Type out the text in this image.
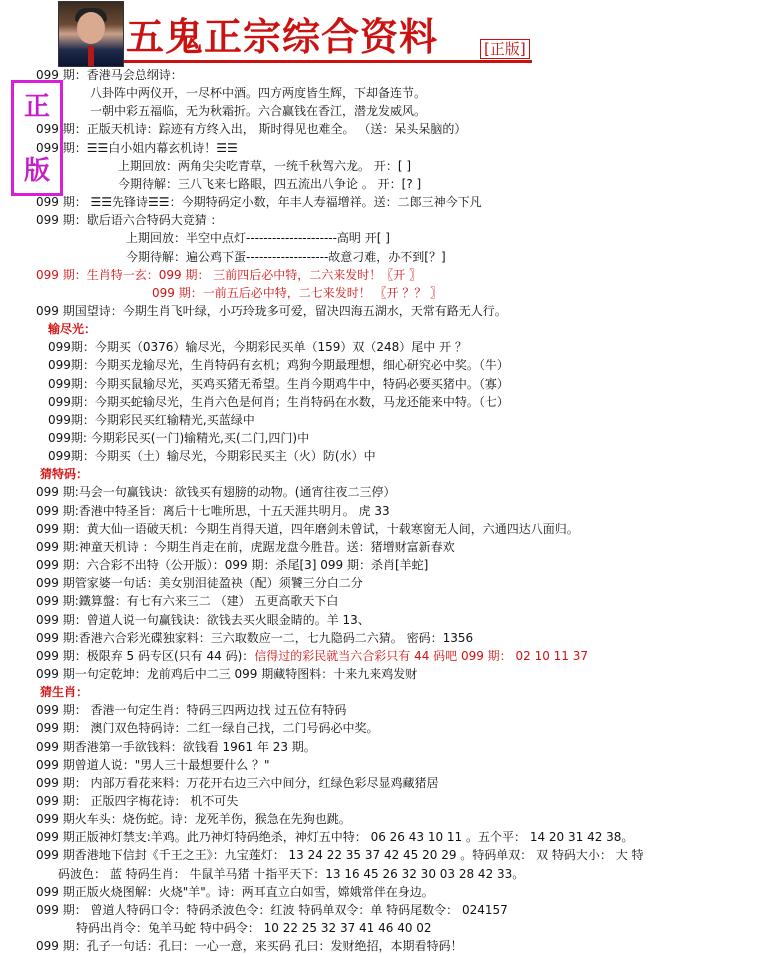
五鬼正宗综合资料	[正版]
正
版
099 期：香港马会总纲诗：
八卦阵中两仪开，一尽杯中酒。四方两度皆生辉，下却备连节。
一朝中彩五福临，无为秋霜折。六合赢钱在香江，潜龙发威风。
099 期：正版天机诗：踪迹有方终入出， 斯时得见也难全。 （送：呆头呆脑的）
099 期：☰☰白小姐内幕玄机诗！☰☰
上期回放：两角尖尖吃青草，一统千秋驾六龙。 开：[ ]
今期待解：三八飞来七路眼，四五流出八争论 。 开：[? ]
099 期： ☰☰先锋诗☰☰：今期特码定小数，年丰人寿福增祥。送：二郎三神今下凡
099 期：歇后语六合特码大竞猜 ：
上期回放：半空中点灯---------------------高明 开[ ]
今期待解：遍公鸡下蛋-------------------故意刁难，办不到[？]
099 期：生肖特一玄：099 期： 三前四后必中特，二六来发时！〖开 〗
099 期：一前五后必中特，二七来发时！ 〖开 ？？ 〗
099 期国望诗：今期生肖飞叶绿，小巧玲珑多可爱，留决四海五湖水，天常有路无人行。
输尽光：
099期：今期买（0376）输尽光，今期彩民买单（159）双（248）尾中 开 ？
099期：今期买龙输尽光，生肖特码有玄机；鸡狗今期最理想，细心研究必中奖。（牛）
099期：今期买鼠输尽光，买鸡买猪无希望。生肖今期鸡牛中，特码必要买猪中。（寡）
099期：今期买蛇输尽光，生肖六色是何肖；生肖特码在水数，马龙还能来中特。（七）
099期：今期彩民买红输精光,买蓝绿中
099期: 今期彩民买(一门)输精光,买(二门,四门)中
099期：今期买（土）输尽光，今期彩民买主（火）防(水）中
猜特码：
099 期:马会一句赢钱诀：欲钱买有翅膀的动物。(通宵往夜二三停）
099 期:香港中特圣旨：离后十七唯所思，十五天涯共明月。 虎 33
099 期：黄大仙一语破天机：今期生肖得天道，四年磨剑未曾试，十载寒窗无人间，六通四达八面归。
099 期:神童天机诗 ：今期生肖走在前，虎踞龙盘今胜昔。送：猪增财富新春欢
099 期：六合彩不出特（公开版）：099 期：杀尾[3] 099 期：杀肖[羊蛇]
099 期管家婆一句话：美女别泪徒盈袂（配）须饕三分白二分
099 期:鐵算盤：有七有六来三二 （建） 五更高歌天下白
099 期：曾道人说一句赢钱诀：欲钱去买火眼金睛的。羊 13、
099 期:香港六合彩光碟独家料：三六取数应一二，七九隐码二六猜。 密码：1356
099 期：极限弃 5 码专区(只有 44 码)：信得过的彩民就当六合彩只有 44 码吧 099 期： 02 10 11 37
099 期一句定乾坤：龙前鸡后中二三 099 期藏特图料：十来九来鸡发财
猜生肖：
099 期： 香港一句定生肖：特码三四两边找 过五位有特码
099 期： 澳门双色特码诗：二红一绿自己找，二门号码必中奖。
099 期香港第一手欲钱料：欲钱看 1961 年 23 期。
099 期曾道人说："男人三十最想要什么 ？"
099 期： 内部万看花来料：万花开右边三六中间分，红绿色彩尽显鸡藏猪居
099 期： 正版四字梅花诗： 机不可失
099 期火车头：烧伤蛇。诗：龙死羊伤，猴急在先狗也跳。
099 期正版神灯禁支:羊鸡。此乃神灯特码绝杀，神灯五中特： 06 26 43 10 11 。五个平： 14 20 31 42 38。
099 期香港地下信封《千王之王》：九宝莲灯： 13 24 22 35 37 42 45 20 29 。特码单双： 双 特码大小： 大 特
码波色： 蓝 特码生肖： 牛鼠羊马猪 十指平天下：13 16 45 26 32 30 03 28 42 33。
099 期正版火烧图解：火烧"羊"。诗：两耳直立白如雪，嫦娥常伴在身边。
099 期： 曾道人特码口令：特码杀波色令：红波 特码单双令：单 特码尾数令： 024157
特码出肖令：兔羊马蛇 特中码令： 10 22 25 32 37 41 46 40 02
099 期：孔子一句话：孔曰：一心一意，来买码 孔曰：发财绝招，本期看特码！
